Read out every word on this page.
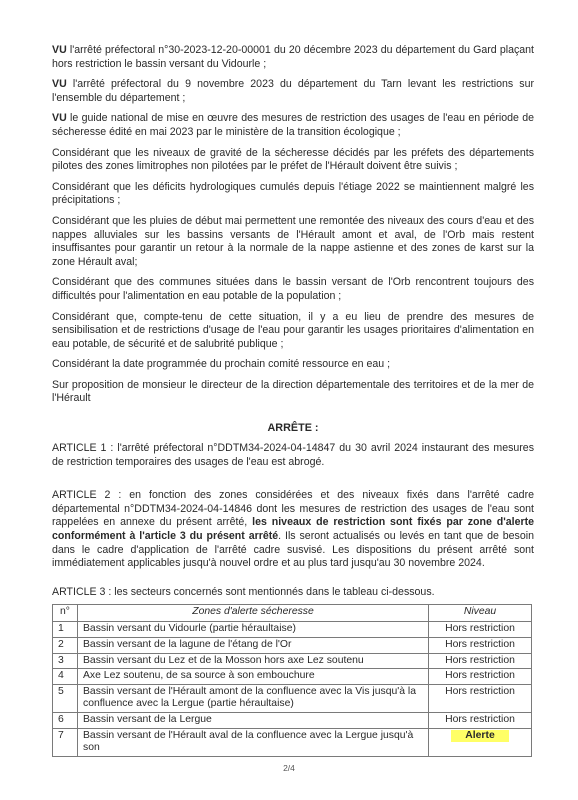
VU l'arrêté préfectoral n°30-2023-12-20-00001 du 20 décembre 2023 du département du Gard plaçant hors restriction le bassin versant du Vidourle ;

VU l'arrêté préfectoral du 9 novembre 2023 du département du Tarn levant les restrictions sur l'ensemble du département ;

VU le guide national de mise en œuvre des mesures de restriction des usages de l'eau en période de sécheresse édité en mai 2023 par le ministère de la transition écologique ;

Considérant que les niveaux de gravité de la sécheresse décidés par les préfets des départements pilotes des zones limitrophes non pilotées par le préfet de l'Hérault doivent être suivis ;

Considérant que les déficits hydrologiques cumulés depuis l'étiage 2022 se maintiennent malgré les précipitations ;

Considérant que les pluies de début mai permettent une remontée des niveaux des cours d'eau et des nappes alluviales sur les bassins versants de l'Hérault amont et aval, de l'Orb mais restent insuffisantes pour garantir un retour à la normale de la nappe astienne et des zones de karst sur la zone Hérault aval;

Considérant que des communes situées dans le bassin versant de l'Orb rencontrent toujours des difficultés pour l'alimentation en eau potable de la population ;

Considérant que, compte-tenu de cette situation, il y a eu lieu de prendre des mesures de sensibilisation et de restrictions d'usage de l'eau pour garantir les usages prioritaires d'alimentation en eau potable, de sécurité et de salubrité publique ;

Considérant la date programmée du prochain comité ressource en eau ;

Sur proposition de monsieur le directeur de la direction départementale des territoires et de la mer de l'Hérault

ARRÊTE :

ARTICLE 1 : l'arrêté préfectoral n°DDTM34-2024-04-14847 du 30 avril 2024 instaurant des mesures de restriction temporaires des usages de l'eau est abrogé.

ARTICLE 2 : en fonction des zones considérées et des niveaux fixés dans l'arrêté cadre départemental n°DDTM34-2024-04-14846 dont les mesures de restriction des usages de l'eau sont rappelées en annexe du présent arrêté, les niveaux de restriction sont fixés par zone d'alerte conformément à l'article 3 du présent arrêté. Ils seront actualisés ou levés en tant que de besoin dans le cadre d'application de l'arrêté cadre susvisé. Les dispositions du présent arrêté sont immédiatement applicables jusqu'à nouvel ordre et au plus tard jusqu'au 30 novembre 2024.

ARTICLE 3 : les secteurs concernés sont mentionnés dans le tableau ci-dessous.

n°	Zones d'alerte sécheresse	Niveau
1	Bassin versant du Vidourle (partie héraultaise)	Hors restriction
2	Bassin versant de la lagune de l'étang de l'Or	Hors restriction
3	Bassin versant du Lez et de la Mosson hors axe Lez soutenu	Hors restriction
4	Axe Lez soutenu, de sa source à son embouchure	Hors restriction
5	Bassin versant de l'Hérault amont de la confluence avec la Vis jusqu'à la confluence avec la Lergue (partie héraultaise)	Hors restriction
6	Bassin versant de la Lergue	Hors restriction
7	Bassin versant de l'Hérault aval de la confluence avec la Lergue jusqu'à son	Alerte
2/4
